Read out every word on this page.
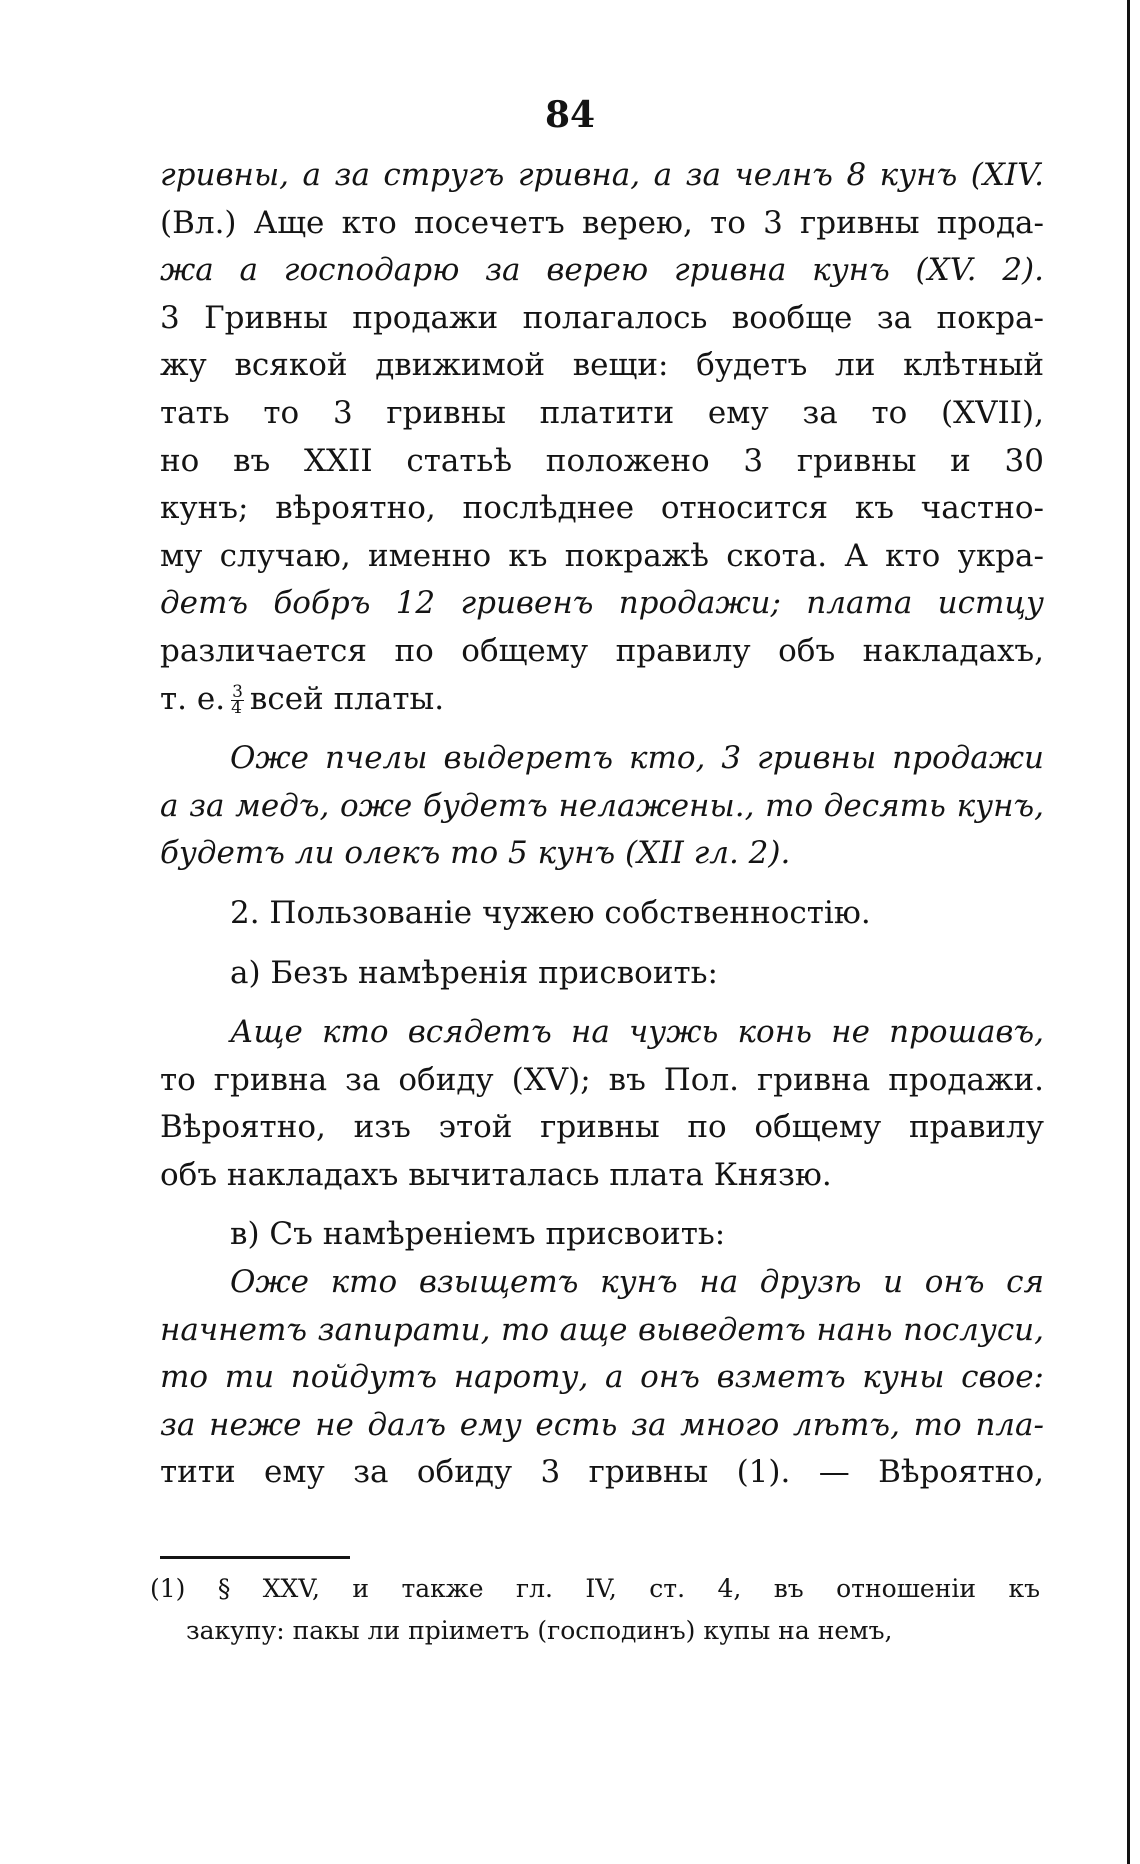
84

гривны, а за стругъ гривна, а за челнъ 8 кунъ (XIV.

(Вл.) Аще кто посечетъ верею, то 3 гривны прода-

жа а господарю за верею гривна кунъ (XV. 2).

3 Гривны продажи полагалось вообще за покра-

жу всякой движимой вещи: будетъ ли клѣтный

тать то 3 гривны платити ему за то (XVII),

но въ XXII статьѣ положено 3 гривны и 30

кунъ; вѣроятно, послѣднее относится къ частно-

му случаю, именно къ покражѣ скота. А кто укра-

детъ бобръ 12 гривенъ продажи; плата истцу

различается по общему правилу объ накладахъ,

т. е. $\frac{3}{4}$ всей платы.

Оже пчелы выдеретъ кто, 3 гривны продажи

а за медъ, оже будетъ нелажены., то десять кунъ,

будетъ ли олекъ то 5 кунъ (XII гл. 2).

2. Пользованіе чужею собственностію.

а) Безъ намѣренія присвоить:

Аще кто всядетъ на чужь конь не прошавъ,

то гривна за обиду (XV); въ Пол. гривна продажи.

Вѣроятно, изъ этой гривны по общему правилу

объ накладахъ вычиталась плата Князю.

в) Съ намѣреніемъ присвоить:

Оже кто взыщетъ кунъ на друзѣ и онъ ся

начнетъ запирати, то аще выведетъ нань послуси,

то ти пойдутъ нароту, а онъ взметъ куны свое:

за неже не далъ ему есть за много лѣтъ, то пла-

тити ему за обиду 3 гривны (1). — Вѣроятно,

(1) § XXV, и также гл. IV, ст. 4, въ отношеніи къ

закупу: пакы ли пріиметъ (господинъ) купы на немъ,
